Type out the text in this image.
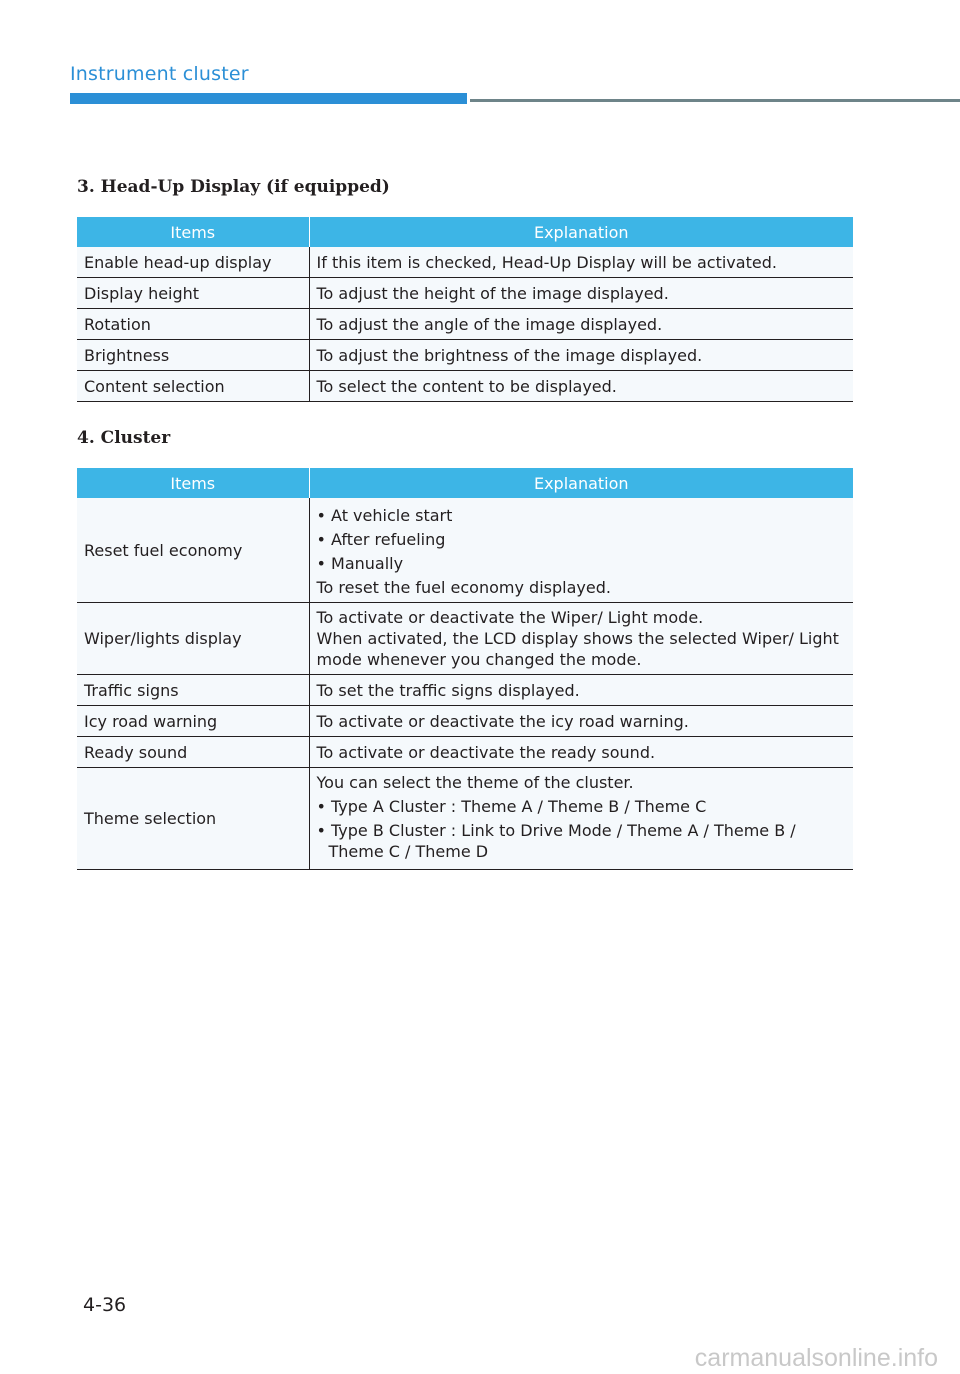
Instrument cluster
3. Head-Up Display (if equipped)
Items	Explanation
Enable head-up display	If this item is checked, Head-Up Display will be activated.
Display height	To adjust the height of the image displayed.
Rotation	To adjust the angle of the image displayed.
Brightness	To adjust the brightness of the image displayed.
Content selection	To select the content to be displayed.
4. Cluster
Items	Explanation
Reset fuel economy	• At vehicle start
• After refueling
• Manually
To reset the fuel economy displayed.

Wiper/lights display	To activate or deactivate the Wiper/ Light mode.
When activated, the LCD display shows the selected Wiper/ Light mode whenever you changed the mode.

Traffic signs	To set the traffic signs displayed.
Icy road warning	To activate or deactivate the icy road warning.
Ready sound	To activate or deactivate the ready sound.
Theme selection	You can select the theme of the cluster.
• Type A Cluster : Theme A / Theme B / Theme C
• Type B Cluster : Link to Drive Mode / Theme A / Theme B / Theme C / Theme D
4-36
carmanualsonline.info
